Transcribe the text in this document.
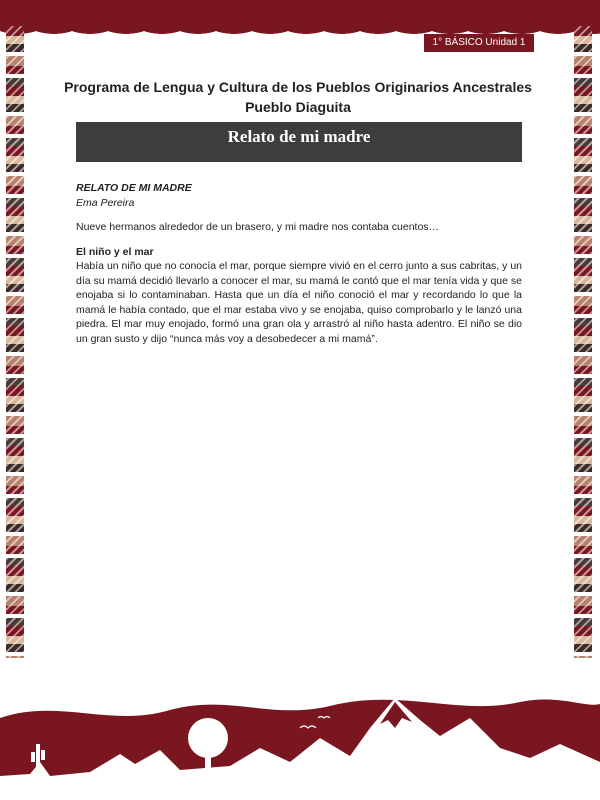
1° BÁSICO Unidad 1
Programa de Lengua y Cultura de los Pueblos Originarios Ancestrales
Pueblo Diaguita
Relato de mi madre
RELATO DE MI MADRE
Ema Pereira
Nueve hermanos alrededor de un brasero, y mi madre nos contaba cuentos…
El niño y el mar
Había un niño que no conocía el mar, porque siempre vivió en el cerro junto a sus cabritas, y un día su mamá decidió llevarlo a conocer el mar, su mamá le contó que el mar tenía vida y que se enojaba si lo contaminaban. Hasta que un día el niño conoció el mar y recordando lo que la mamá le había contado, que el mar estaba vivo y se enojaba, quiso comprobarlo y le lanzó una piedra. El mar muy enojado, formó una gran ola y arrastró al niño hasta adentro. El niño se dio un gran susto y dijo “nunca más voy a desobedecer a mi mamá”.
